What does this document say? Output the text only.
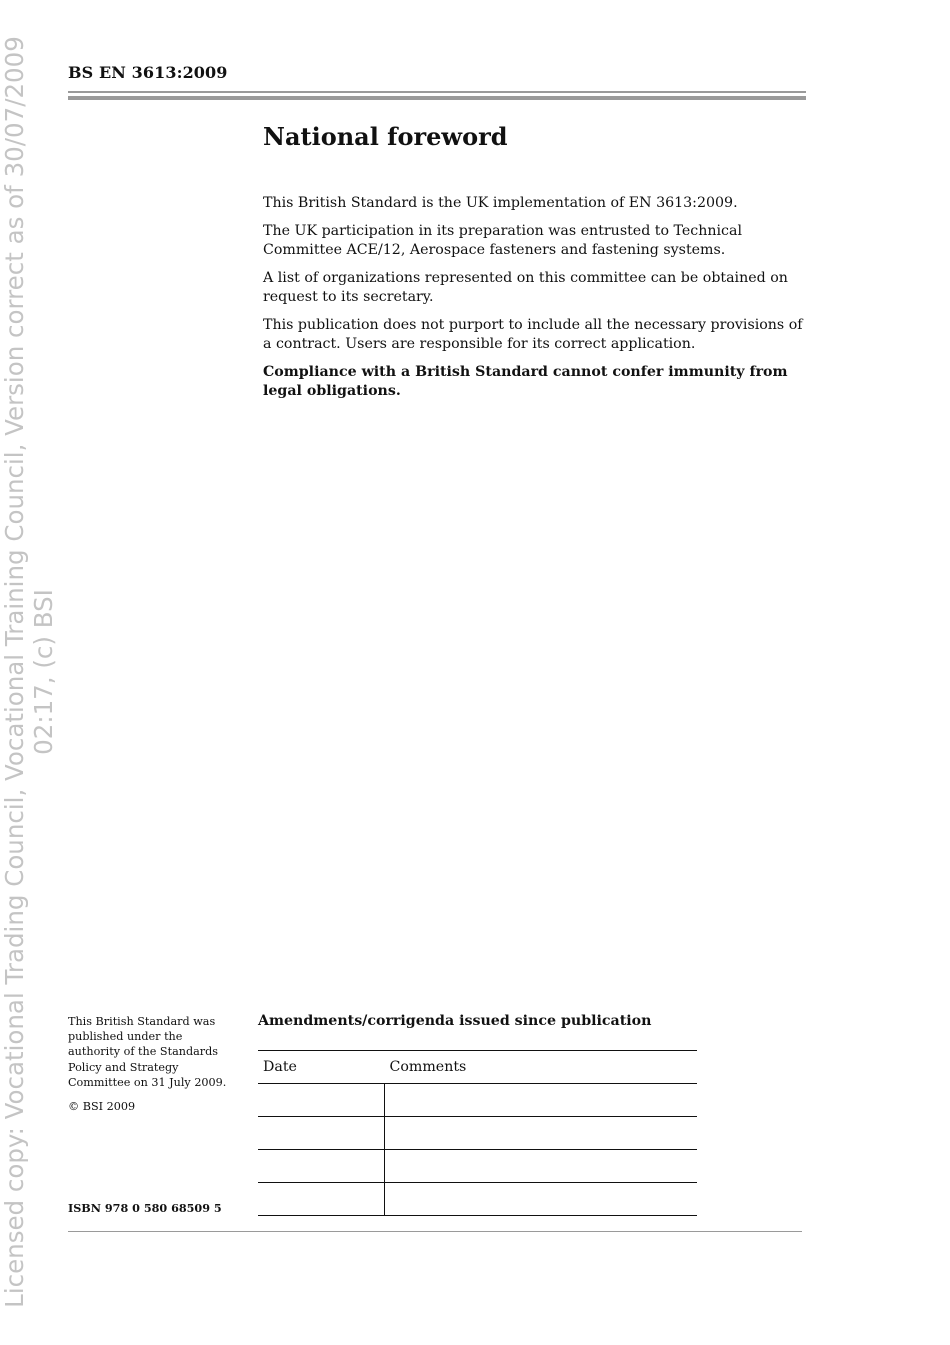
Licensed copy: Vocational Trading Council, Vocational Training Council, Version correct as of 30/07/2009 02:17, (c) BSI
BS EN 3613:2009
National foreword

This British Standard is the UK implementation of EN 3613:2009.

The UK participation in its preparation was entrusted to Technical Committee ACE/12, Aerospace fasteners and fastening systems.

A list of organizations represented on this committee can be obtained on request to its secretary.

This publication does not purport to include all the necessary provisions of a contract. Users are responsible for its correct application.

Compliance with a British Standard cannot confer immunity from legal obligations.

This British Standard was published under the authority of the Standards Policy and Strategy Committee on 31 July 2009.

© BSI 2009

ISBN 978 0 580 68509 5
Amendments/corrigenda issued since publication
Date	Comments
